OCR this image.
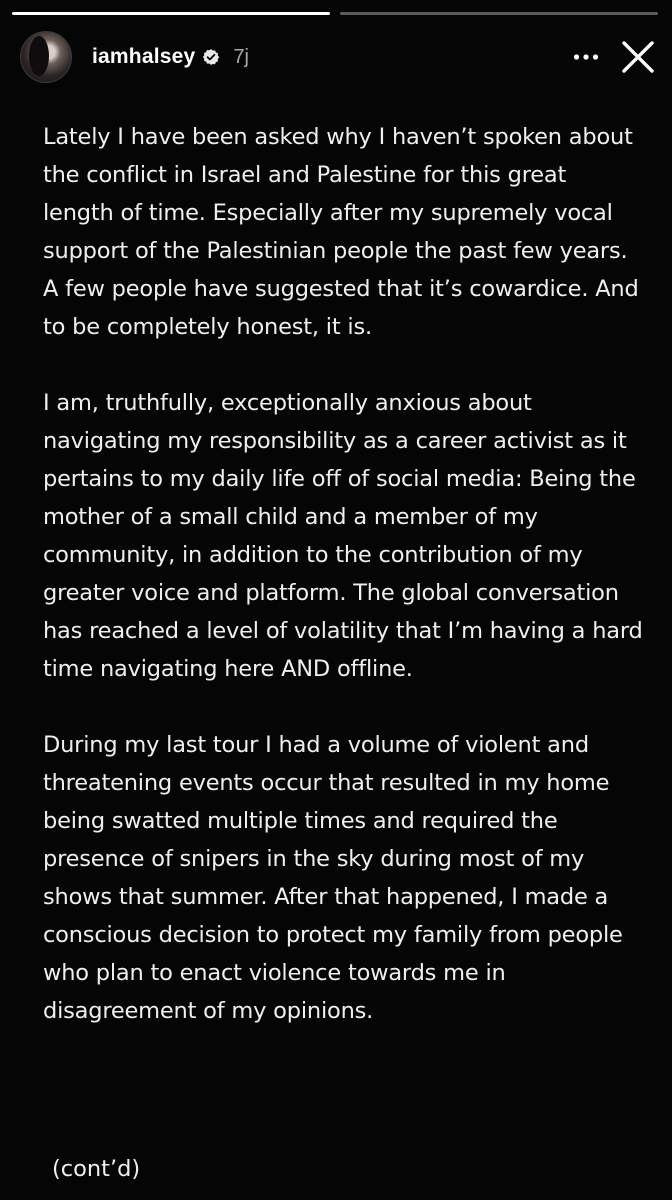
iamhalsey 7j

Lately I have been asked why I haven’t spoken about the conflict in Israel and Palestine for this great length of time. Especially after my supremely vocal support of the Palestinian people the past few years. A few people have suggested that it’s cowardice. And to be completely honest, it is.

I am, truthfully, exceptionally anxious about navigating my responsibility as a career activist as it pertains to my daily life off of social media: Being the mother of a small child and a member of my community, in addition to the contribution of my greater voice and platform. The global conversation has reached a level of volatility that I’m having a hard time navigating here AND offline.

During my last tour I had a volume of violent and threatening events occur that resulted in my home being swatted multiple times and required the presence of snipers in the sky during most of my shows that summer. After that happened, I made a conscious decision to protect my family from people who plan to enact violence towards me in disagreement of my opinions.

(cont’d)
